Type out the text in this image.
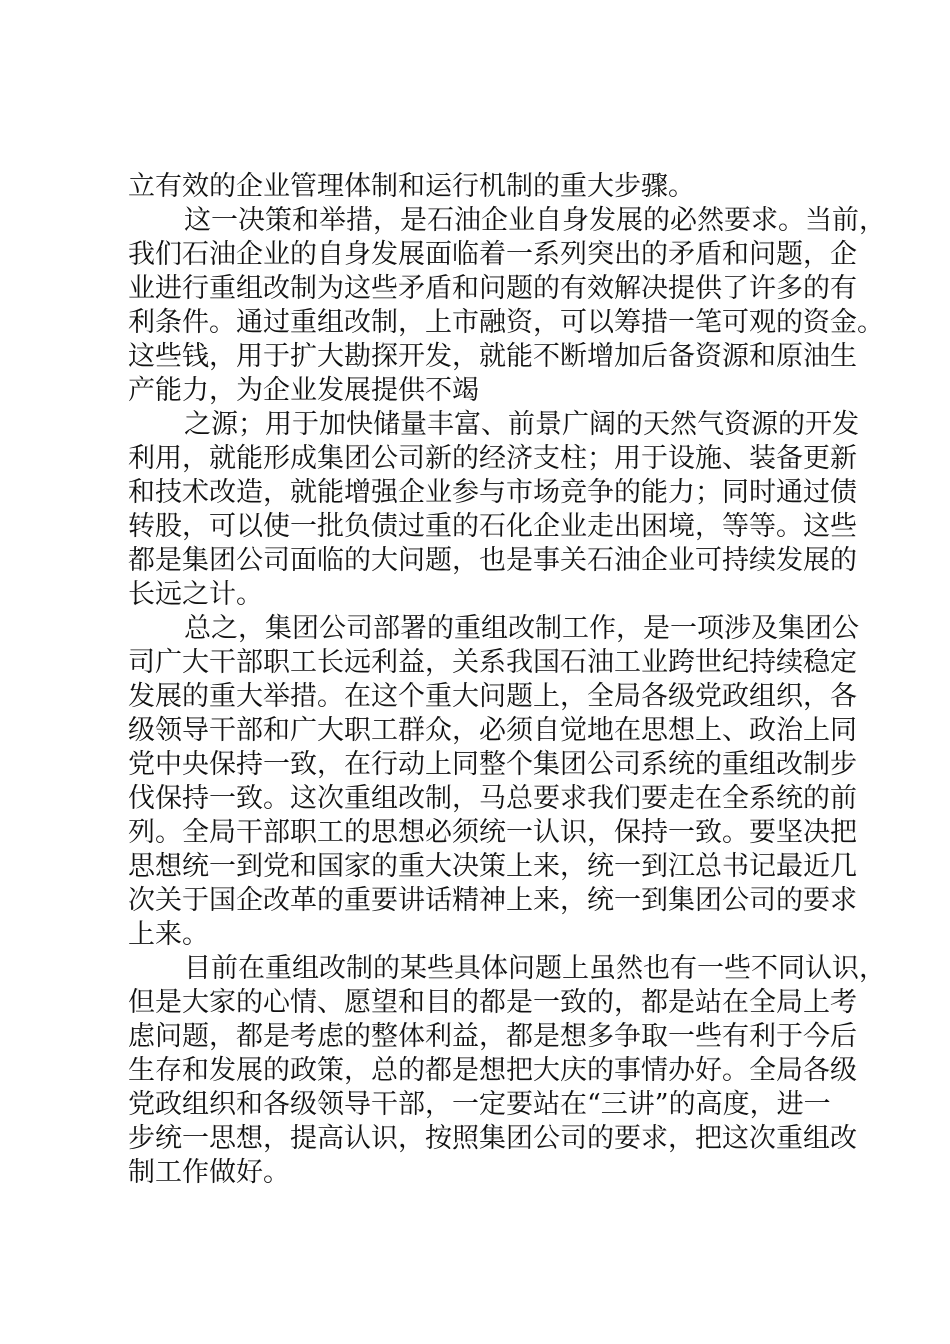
立有效的企业管理体制和运行机制的重大步骤。
这一决策和举措，是石油企业自身发展的必然要求。当前，
我们石油企业的自身发展面临着一系列突出的矛盾和问题，企
业进行重组改制为这些矛盾和问题的有效解决提供了许多的有
利条件。通过重组改制，上市融资，可以筹措一笔可观的资金。
这些钱，用于扩大勘探开发，就能不断增加后备资源和原油生
产能力，为企业发展提供不竭
之源；用于加快储量丰富、前景广阔的天然气资源的开发
利用，就能形成集团公司新的经济支柱；用于设施、装备更新
和技术改造，就能增强企业参与市场竞争的能力；同时通过债
转股，可以使一批负债过重的石化企业走出困境，等等。这些
都是集团公司面临的大问题，也是事关石油企业可持续发展的
长远之计。
总之，集团公司部署的重组改制工作，是一项涉及集团公
司广大干部职工长远利益，关系我国石油工业跨世纪持续稳定
发展的重大举措。在这个重大问题上，全局各级党政组织，各
级领导干部和广大职工群众，必须自觉地在思想上、政治上同
党中央保持一致，在行动上同整个集团公司系统的重组改制步
伐保持一致。这次重组改制，马总要求我们要走在全系统的前
列。全局干部职工的思想必须统一认识，保持一致。要坚决把
思想统一到党和国家的重大决策上来，统一到江总书记最近几
次关于国企改革的重要讲话精神上来，统一到集团公司的要求
上来。
目前在重组改制的某些具体问题上虽然也有一些不同认识，
但是大家的心情、愿望和目的都是一致的，都是站在全局上考
虑问题，都是考虑的整体利益，都是想多争取一些有利于今后
生存和发展的政策，总的都是想把大庆的事情办好。全局各级
党政组织和各级领导干部，一定要站在“三讲”的高度，进一
步统一思想，提高认识，按照集团公司的要求，把这次重组改
制工作做好。
